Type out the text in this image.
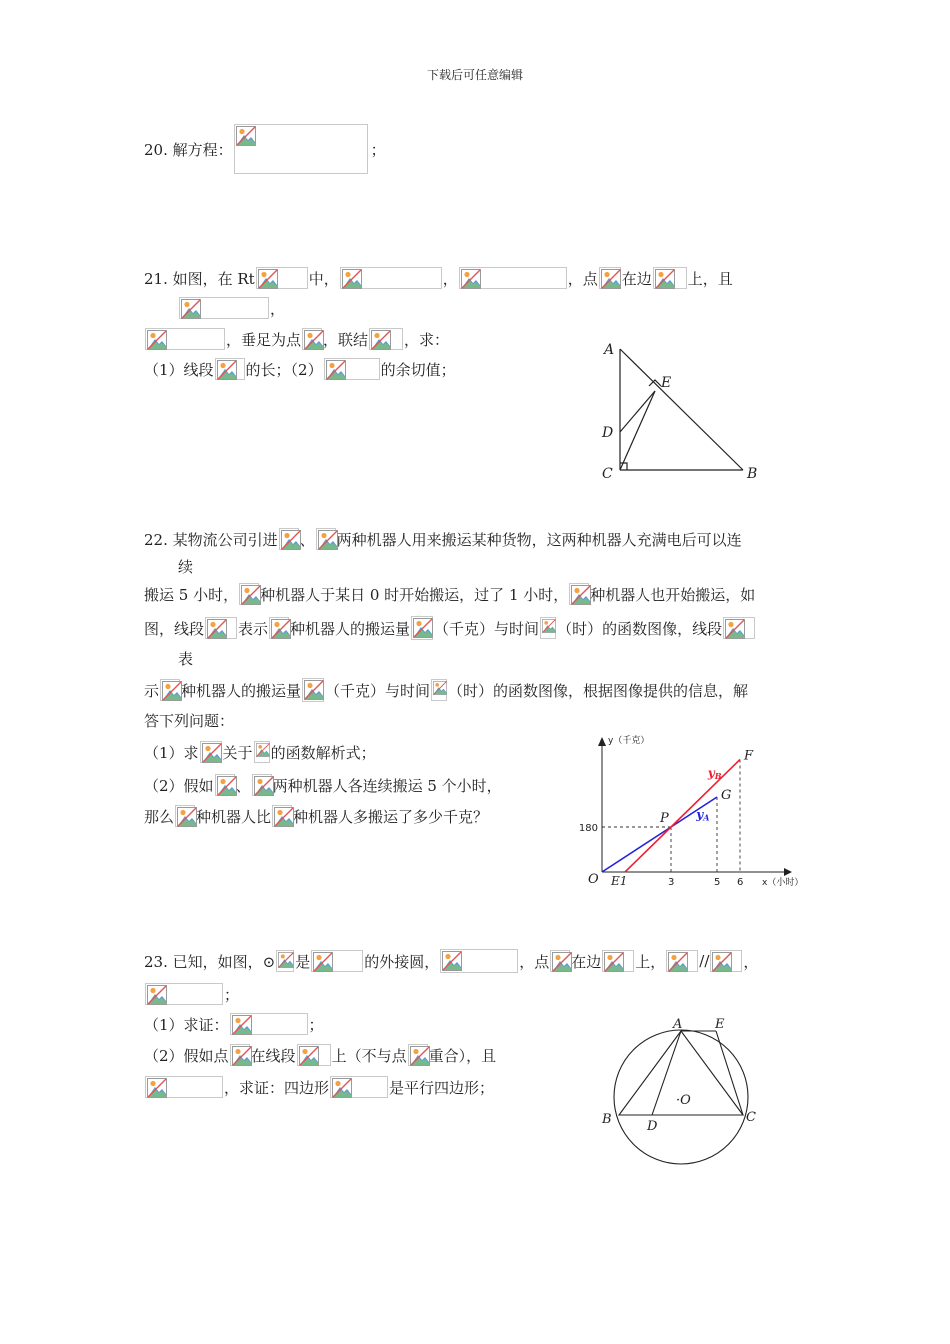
下载后可任意编辑
20. 解方程：	；
21. 如图，在 Rt	中，	，	，点 在边 上，且
，
，垂足为点 ，联结 ，求：
（1）线段 的长；（2）	的余切值；
A
E
D
C	B
22. 某物流公司引进 、 两种机器人用来搬运某种货物，这两种机器人充满电后可以连
续
搬运 5 小时， 种机器人于某日 0 时开始搬运，过了 1 小时， 种机器人也开始搬运，如
图，线段 表示 种机器人的搬运量 （千克）与时间 （时）的函数图像，线段
表
示 种机器人的搬运量 （千克）与时间 （时）的函数图像，根据图像提供的信息，解
答下列问题：
（1）求 关于 的函数解析式；
（2）假如 、 两种机器人各连续搬运 5 个小时，
那么 种机器人比 种机器人多搬运了多少千克？
y（千克）
x（小时）
O
G
yA
F
yB
P
180
E1	3	5 6
23. 已知，如图，⊙ 是	的外接圆，	，点 在边 上， // ，
；
（1）求证：	；
（2）假如点 在线段 上（不与点 重合），且
，求证：四边形	是平行四边形；
A	E
B	C
D
·O
